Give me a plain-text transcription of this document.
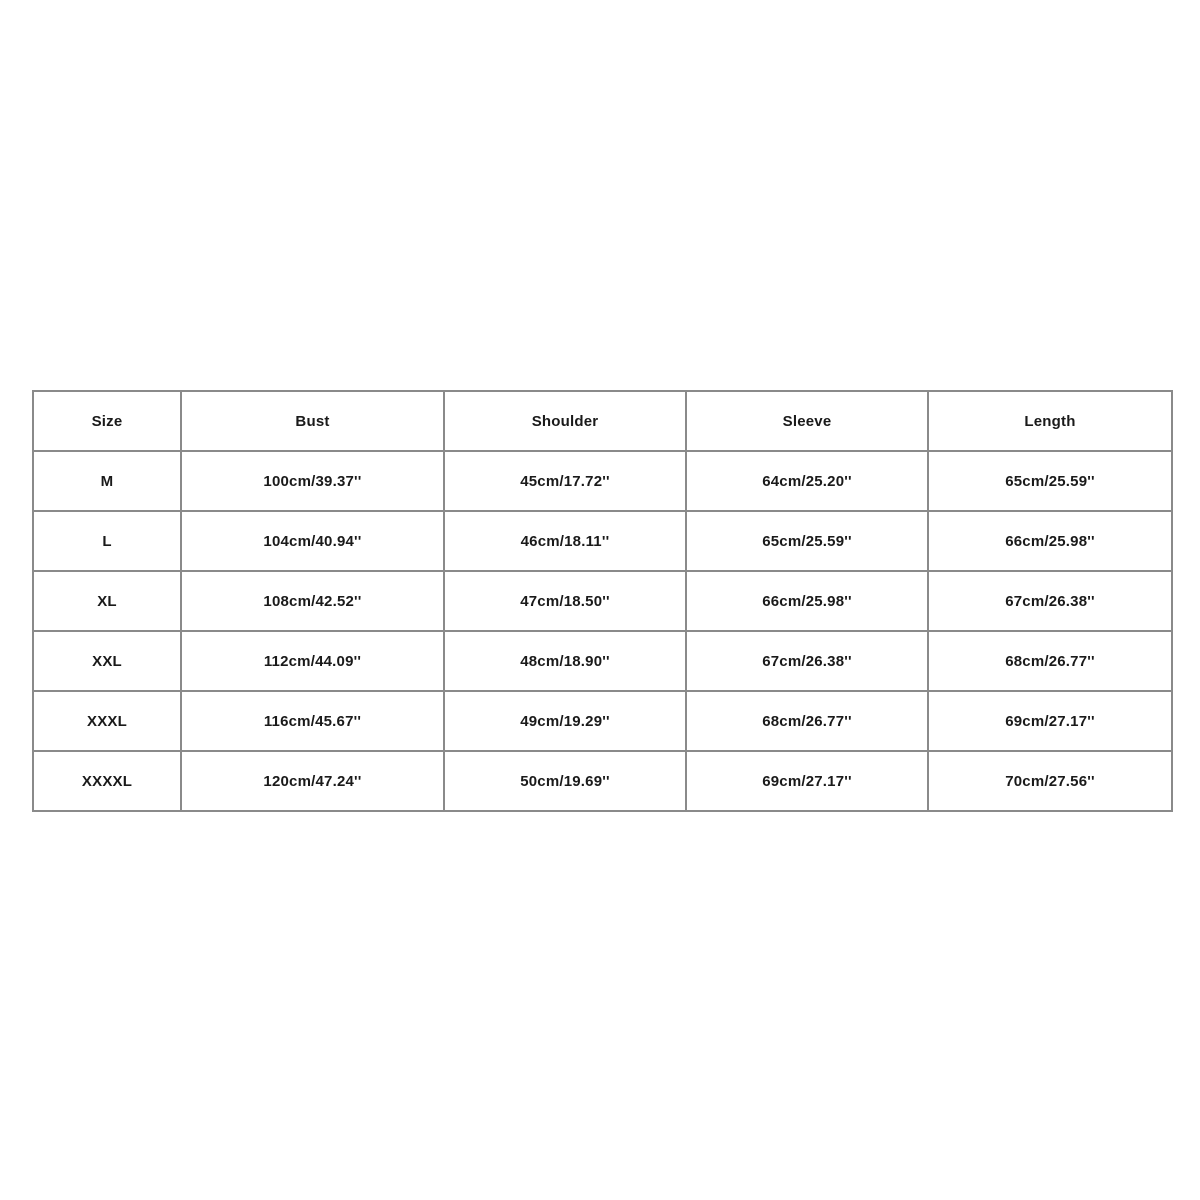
Size	Bust	Shoulder	Sleeve	Length
M	100cm/39.37''	45cm/17.72''	64cm/25.20''	65cm/25.59''
L	104cm/40.94''	46cm/18.11''	65cm/25.59''	66cm/25.98''
XL	108cm/42.52''	47cm/18.50''	66cm/25.98''	67cm/26.38''
XXL	112cm/44.09''	48cm/18.90''	67cm/26.38''	68cm/26.77''
XXXL	116cm/45.67''	49cm/19.29''	68cm/26.77''	69cm/27.17''
XXXXL	120cm/47.24''	50cm/19.69''	69cm/27.17''	70cm/27.56''
